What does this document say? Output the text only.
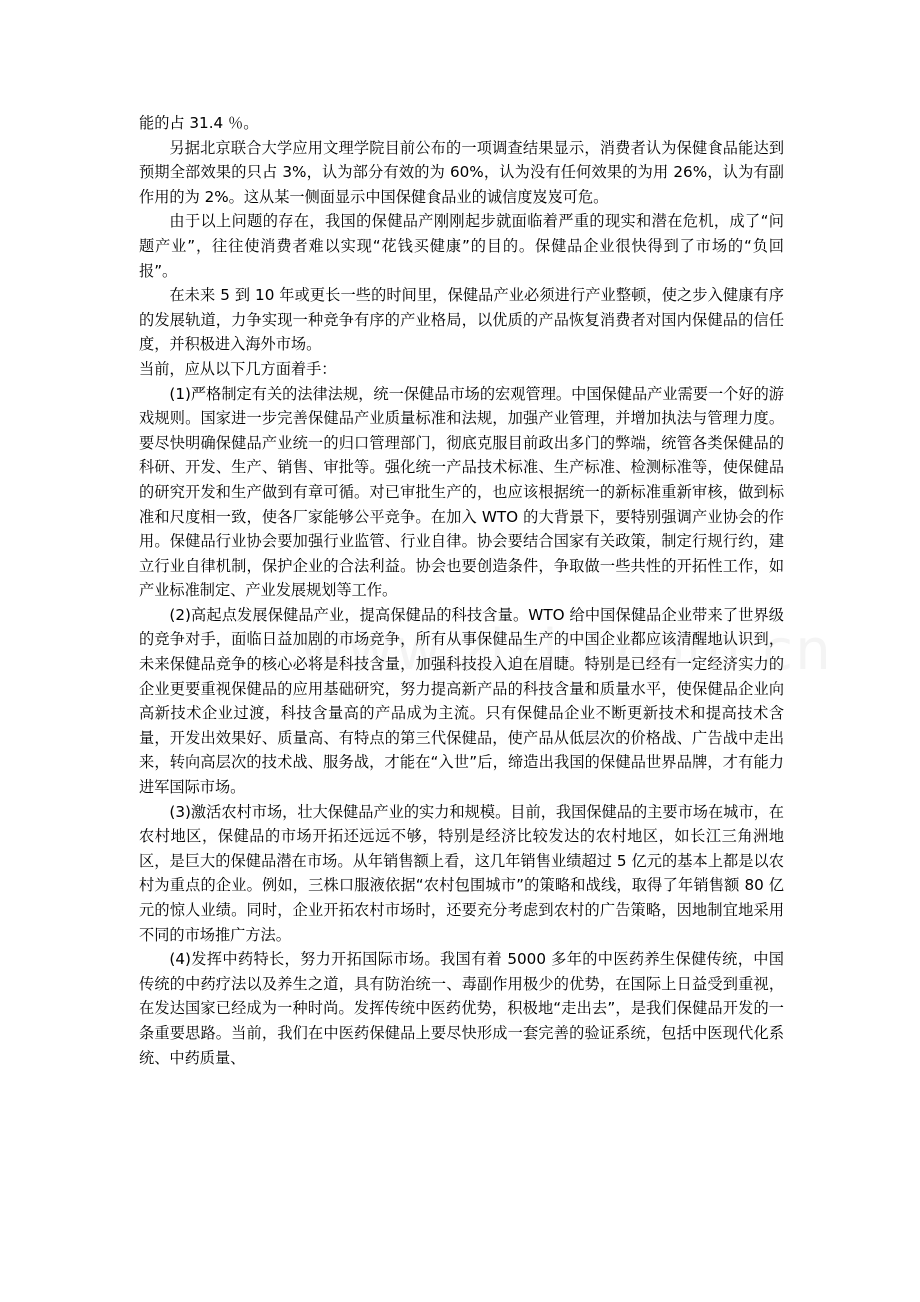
能的占 31.4 ％。

另据北京联合大学应用文理学院目前公布的一项调查结果显示，消费者认为保健食品能达到预期全部效果的只占 3%，认为部分有效的为 60%，认为没有任何效果的为用 26%，认为有副作用的为 2%。这从某一侧面显示中国保健食品业的诚信度岌岌可危。

由于以上问题的存在，我国的保健品产刚刚起步就面临着严重的现实和潜在危机，成了“问题产业”，往往使消费者难以实现“花钱买健康”的目的。保健品企业很快得到了市场的“负回报”。

在未来 5 到 10 年或更长一些的时间里，保健品产业必须进行产业整顿，使之步入健康有序的发展轨道，力争实现一种竞争有序的产业格局，以优质的产品恢复消费者对国内保健品的信任度，并积极进入海外市场。

当前，应从以下几方面着手：

(1)严格制定有关的法律法规，统一保健品市场的宏观管理。中国保健品产业需要一个好的游戏规则。国家进一步完善保健品产业质量标准和法规，加强产业管理，并增加执法与管理力度。要尽快明确保健品产业统一的归口管理部门，彻底克服目前政出多门的弊端，统管各类保健品的科研、开发、生产、销售、审批等。强化统一产品技术标准、生产标准、检测标准等，使保健品的研究开发和生产做到有章可循。对已审批生产的，也应该根据统一的新标准重新审核，做到标准和尺度相一致，使各厂家能够公平竞争。在加入 WTO 的大背景下，要特别强调产业协会的作用。保健品行业协会要加强行业监管、行业自律。协会要结合国家有关政策，制定行规行约，建立行业自律机制，保护企业的合法利益。协会也要创造条件，争取做一些共性的开拓性工作，如产业标准制定、产业发展规划等工作。

(2)高起点发展保健品产业，提高保健品的科技含量。WTO 给中国保健品企业带来了世界级的竞争对手，面临日益加剧的市场竞争，所有从事保健品生产的中国企业都应该清醒地认识到，未来保健品竞争的核心必将是科技含量，加强科技投入迫在眉睫。特别是已经有一定经济实力的企业更要重视保健品的应用基础研究，努力提高新产品的科技含量和质量水平，使保健品企业向高新技术企业过渡，科技含量高的产品成为主流。只有保健品企业不断更新技术和提高技术含量，开发出效果好、质量高、有特点的第三代保健品，使产品从低层次的价格战、广告战中走出来，转向高层次的技术战、服务战，才能在“入世”后，缔造出我国的保健品世界品牌，才有能力进军国际市场。

(3)激活农村市场，壮大保健品产业的实力和规模。目前，我国保健品的主要市场在城市，在农村地区，保健品的市场开拓还远远不够，特别是经济比较发达的农村地区，如长江三角洲地区，是巨大的保健品潜在市场。从年销售额上看，这几年销售业绩超过 5 亿元的基本上都是以农村为重点的企业。例如，三株口服液依据“农村包围城市”的策略和战线，取得了年销售额 80 亿元的惊人业绩。同时，企业开拓农村市场时，还要充分考虑到农村的广告策略，因地制宜地采用不同的市场推广方法。

(4)发挥中药特长，努力开拓国际市场。我国有着 5000 多年的中医药养生保健传统，中国传统的中药疗法以及养生之道，具有防治统一、毒副作用极少的优势，在国际上日益受到重视，在发达国家已经成为一种时尚。发挥传统中医药优势，积极地“走出去”，是我们保健品开发的一条重要思路。当前，我们在中医药保健品上要尽快形成一套完善的验证系统，包括中医现代化系统、中药质量、
